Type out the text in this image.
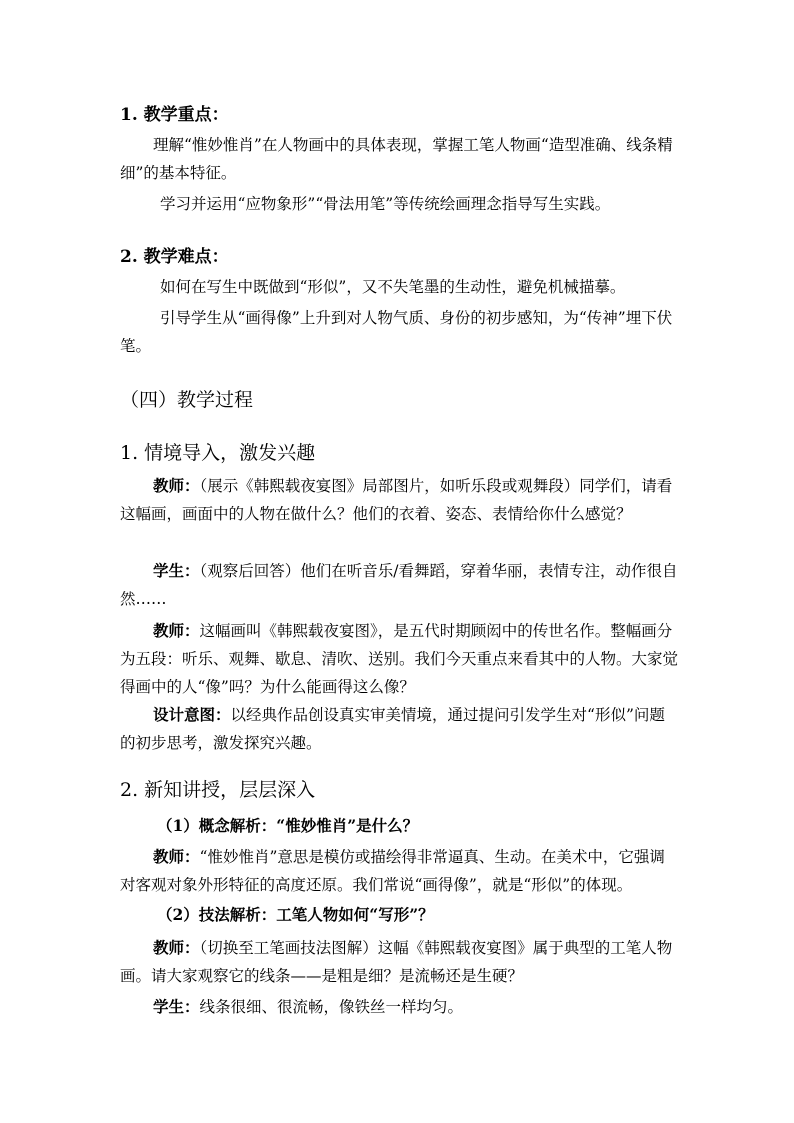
1. 教学重点：

理解“惟妙惟肖”在人物画中的具体表现，掌握工笔人物画“造型准确、线条精细”的基本特征。

学习并运用“应物象形”“骨法用笔”等传统绘画理念指导写生实践。

2. 教学难点：

如何在写生中既做到“形似”，又不失笔墨的生动性，避免机械描摹。

引导学生从“画得像”上升到对人物气质、身份的初步感知，为“传神”埋下伏笔。

（四）教学过程

1. 情境导入，激发兴趣

教师：（展示《韩熙载夜宴图》局部图片，如听乐段或观舞段）同学们，请看这幅画，画面中的人物在做什么？他们的衣着、姿态、表情给你什么感觉？

学生：（观察后回答）他们在听音乐/看舞蹈，穿着华丽，表情专注，动作很自然……

教师：这幅画叫《韩熙载夜宴图》，是五代时期顾闳中的传世名作。整幅画分为五段：听乐、观舞、歇息、清吹、送别。我们今天重点来看其中的人物。大家觉得画中的人“像”吗？为什么能画得这么像？

设计意图：以经典作品创设真实审美情境，通过提问引发学生对“形似”问题的初步思考，激发探究兴趣。

2. 新知讲授，层层深入

（1）概念解析：“惟妙惟肖”是什么？

教师：“惟妙惟肖”意思是模仿或描绘得非常逼真、生动。在美术中，它强调对客观对象外形特征的高度还原。我们常说“画得像”，就是“形似”的体现。

（2）技法解析：工笔人物如何“写形”？

教师：（切换至工笔画技法图解）这幅《韩熙载夜宴图》属于典型的工笔人物画。请大家观察它的线条——是粗是细？是流畅还是生硬？

学生：线条很细、很流畅，像铁丝一样均匀。
